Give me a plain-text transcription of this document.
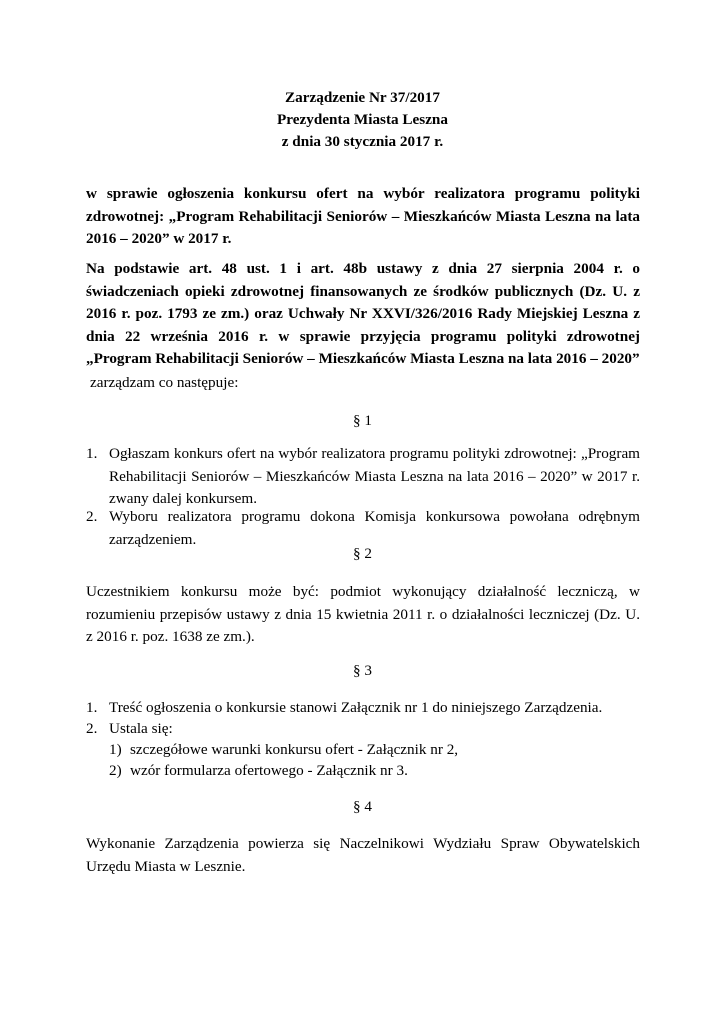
Zarządzenie Nr 37/2017
Prezydenta Miasta Leszna
z dnia 30 stycznia 2017 r.
w sprawie ogłoszenia konkursu ofert na wybór realizatora programu polityki zdrowotnej: „Program Rehabilitacji Seniorów – Mieszkańców Miasta Leszna na lata 2016 – 2020” w 2017 r.
Na podstawie art. 48 ust. 1 i art. 48b ustawy z dnia 27 sierpnia 2004 r. o świadczeniach opieki zdrowotnej finansowanych ze środków publicznych (Dz. U. z 2016 r. poz. 1793 ze zm.) oraz Uchwały Nr XXVI/326/2016 Rady Miejskiej Leszna z dnia 22 września 2016 r. w sprawie przyjęcia programu polityki zdrowotnej „Program Rehabilitacji Seniorów – Mieszkańców Miasta Leszna na lata 2016 – 2020”
zarządzam co następuje:
§ 1
1. Ogłaszam konkurs ofert na wybór realizatora programu polityki zdrowotnej: „Program Rehabilitacji Seniorów – Mieszkańców Miasta Leszna na lata 2016 – 2020” w 2017 r. zwany dalej konkursem.
2. Wyboru realizatora programu dokona Komisja konkursowa powołana odrębnym zarządzeniem.
§ 2
Uczestnikiem konkursu może być: podmiot wykonujący działalność leczniczą, w rozumieniu przepisów ustawy z dnia 15 kwietnia 2011 r. o działalności leczniczej (Dz. U. z 2016 r. poz. 1638 ze zm.).
§ 3
1. Treść ogłoszenia o konkursie stanowi Załącznik nr 1 do niniejszego Zarządzenia.
2. Ustala się:
1) szczegółowe warunki konkursu ofert - Załącznik nr 2,
2) wzór formularza ofertowego - Załącznik nr 3.
§ 4
Wykonanie Zarządzenia powierza się Naczelnikowi Wydziału Spraw Obywatelskich Urzędu Miasta w Lesznie.
